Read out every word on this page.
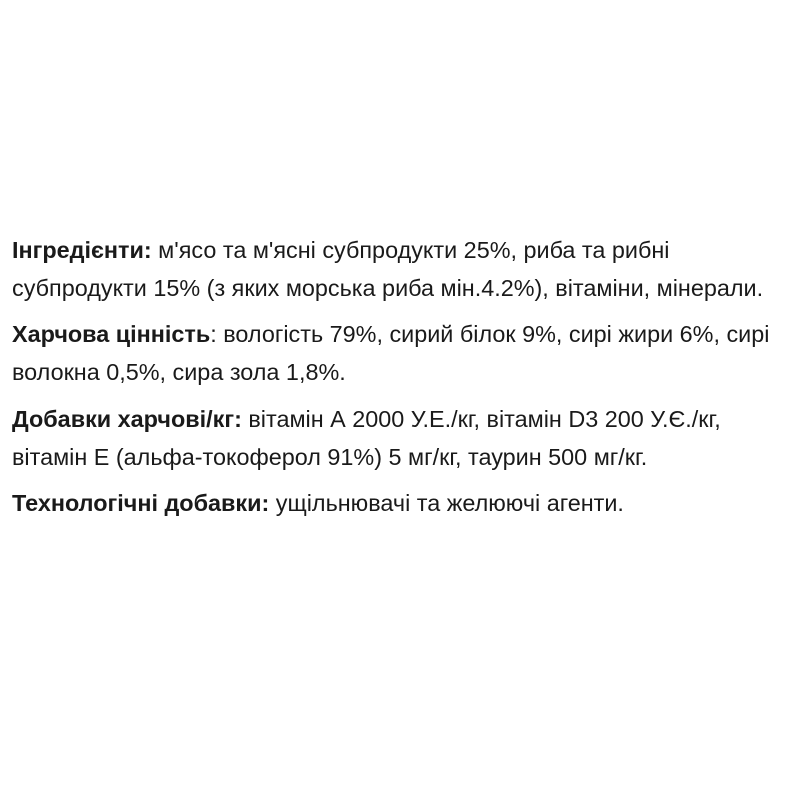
Інгредієнти: м'ясо та м'ясні субпродукти 25%, риба та рибні субпродукти 15% (з яких морська риба мін.4.2%), вітаміни, мінерали.

Харчова цінність: вологість 79%, сирий білок 9%, сирі жири 6%, сирі волокна 0,5%, сира зола 1,8%.

Добавки харчові/кг: вітамін А 2000 У.Е./кг, вітамін D3 200 У.Є./кг, вітамін Е (альфа-токоферол 91%) 5 мг/кг, таурин 500 мг/кг.

Технологічні добавки: ущільнювачі та желюючі агенти.
